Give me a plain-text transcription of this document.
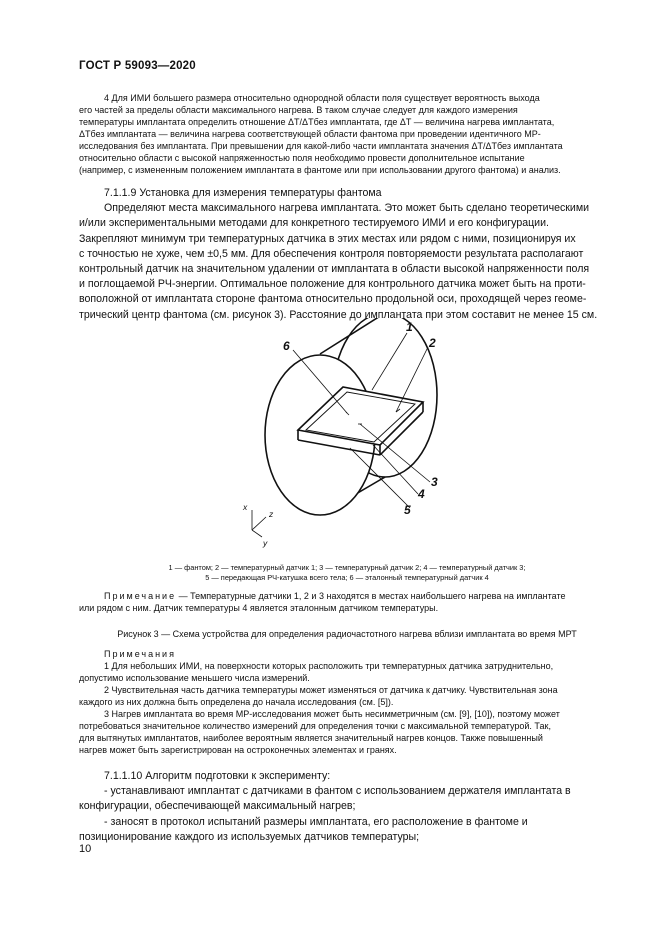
ГОСТ Р 59093—2020
4 Для ИМИ большего размера относительно однородной области поля существует вероятность выхода
его частей за пределы области максимального нагрева. В таком случае следует для каждого измерения
температуры имплантата определить отношение ΔT/ΔTбез имплантата, где ΔT — величина нагрева имплантата,
ΔTбез имплантата — величина нагрева соответствующей области фантома при проведении идентичного МР-
исследования без имплантата. При превышении для какой-либо части имплантата значения ΔT/ΔTбез имплантата
относительно области с высокой напряженностью поля необходимо провести дополнительное испытание
(например, с измененным положением имплантата в фантоме или при использовании другого фантома) и анализ.
7.1.1.9 Установка для измерения температуры фантома
Определяют места максимального нагрева имплантата. Это может быть сделано теоретическими
и/или экспериментальными методами для конкретного тестируемого ИМИ и его конфигурации.
Закрепляют минимум три температурных датчика в этих местах или рядом с ними, позиционируя их
с точностью не хуже, чем ±0,5 мм. Для обеспечения контроля повторяемости результата располагают
контрольный датчик на значительном удалении от имплантата в области высокой напряженности поля
и поглощаемой РЧ-энергии. Оптимальное положение для контрольного датчика может быть на проти-
воположной от имплантата стороне фантома относительно продольной оси, проходящей через геоме-
трический центр фантома (см. рисунок 3). Расстояние до имплантата при этом составит не менее 15 см.
1
2
3
4
5
6
x
z
y
1 — фантом; 2 — температурный датчик 1; 3 — температурный датчик 2; 4 — температурный датчик 3;
5 — передающая РЧ-катушка всего тела; 6 — эталонный температурный датчик 4
Примечание — Температурные датчики 1, 2 и 3 находятся в местах наибольшего нагрева на имплантате
или рядом с ним. Датчик температуры 4 является эталонным датчиком температуры.
Рисунок 3 — Схема устройства для определения радиочастотного нагрева вблизи имплантата во время МРТ
Примечания
1 Для небольших ИМИ, на поверхности которых расположить три температурных датчика затруднительно,
допустимо использование меньшего числа измерений.
2 Чувствительная часть датчика температуры может изменяться от датчика к датчику. Чувствительная зона
каждого из них должна быть определена до начала исследования (см. [5]).
3 Нагрев имплантата во время МР-исследования может быть несимметричным (см. [9], [10]), поэтому может
потребоваться значительное количество измерений для определения точки с максимальной температурой. Так,
для вытянутых имплантатов, наиболее вероятным является значительный нагрев концов. Также повышенный
нагрев может быть зарегистрирован на остроконечных элементах и гранях.
7.1.1.10 Алгоритм подготовки к эксперименту:
- устанавливают имплантат с датчиками в фантом с использованием держателя имплантата в
конфигурации, обеспечивающей максимальный нагрев;
- заносят в протокол испытаний размеры имплантата, его расположение в фантоме и
позиционирование каждого из используемых датчиков температуры;
10
